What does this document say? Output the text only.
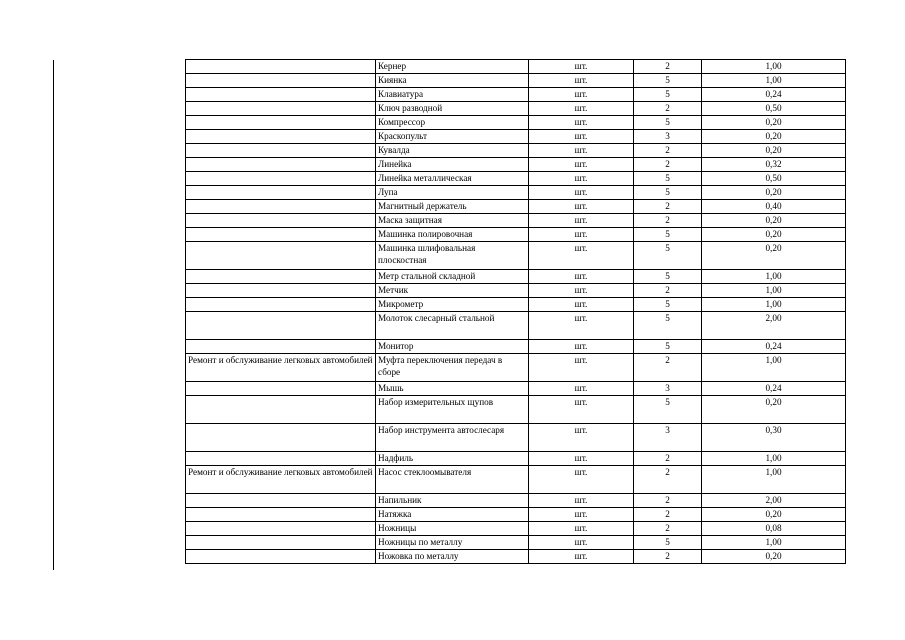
	Кернер	шт.	2	1,00
	Киянка	шт.	5	1,00
	Клавиатура	шт.	5	0,24
	Ключ разводной	шт.	2	0,50
	Компрессор	шт.	5	0,20
	Краскопульт	шт.	3	0,20
	Кувалда	шт.	2	0,20
	Линейка	шт.	2	0,32
	Линейка металлическая	шт.	5	0,50
	Лупа	шт.	5	0,20
	Магнитный держатель	шт.	2	0,40
	Маска защитная	шт.	2	0,20
	Машинка полировочная	шт.	5	0,20
	Машинка шлифовальная плоскостная	шт.	5	0,20
	Метр стальной складной	шт.	5	1,00
	Метчик	шт.	2	1,00
	Микрометр	шт.	5	1,00
	Молоток слесарный стальной	шт.	5	2,00
	Монитор	шт.	5	0,24
Ремонт и обслуживание легковых автомобилей	Муфта переключения передач в сборе	шт.	2	1,00
	Мышь	шт.	3	0,24
	Набор измерительных щупов	шт.	5	0,20
	Набор инструмента автослесаря	шт.	3	0,30
	Надфиль	шт.	2	1,00
Ремонт и обслуживание легковых автомобилей	Насос стеклоомывателя	шт.	2	1,00
	Напильник	шт.	2	2,00
	Натяжка	шт.	2	0,20
	Ножницы	шт.	2	0,08
	Ножницы по металлу	шт.	5	1,00
	Ножовка по металлу	шт.	2	0,20
